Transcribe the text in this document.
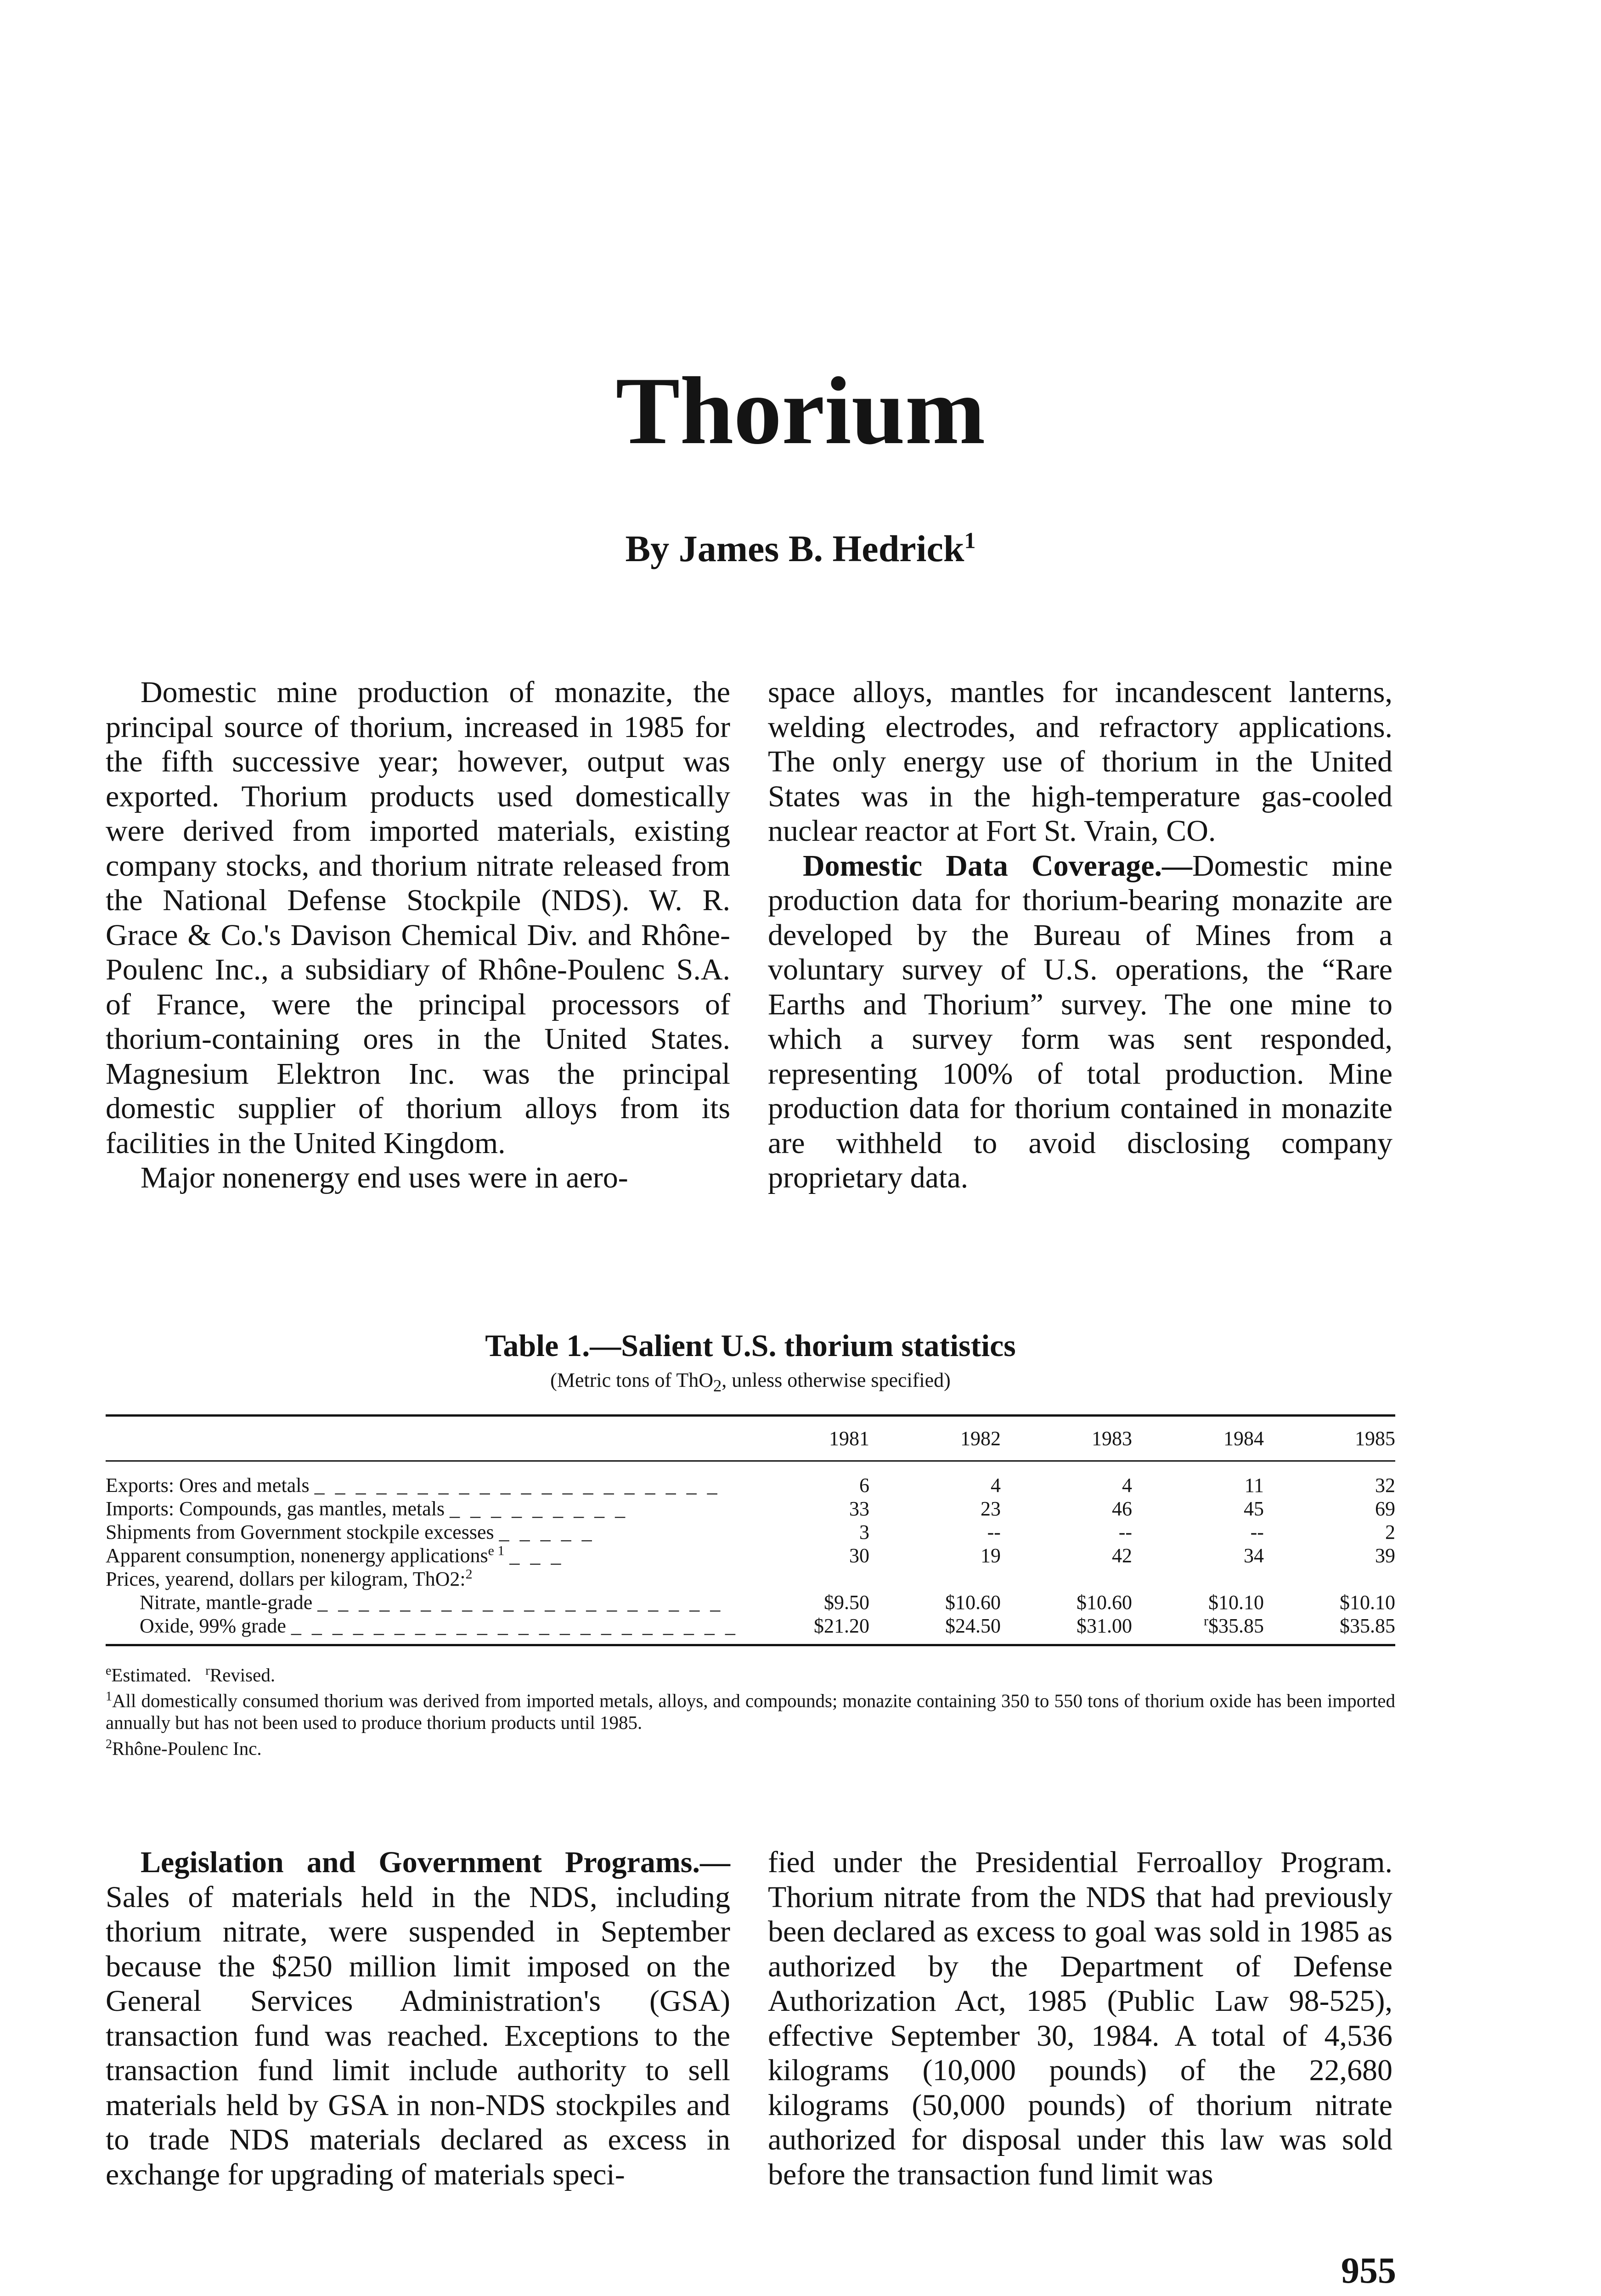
Thorium
By James B. Hedrick$^1$

Domestic mine production of monazite, the principal source of thorium, increased in 1985 for the fifth successive year; however, output was exported. Thorium products used domestically were derived from imported materials, existing company stocks, and thorium nitrate released from the National Defense Stockpile (NDS). W. R. Grace & Co.'s Davison Chemical Div. and Rhône-Poulenc Inc., a subsidiary of Rhône-Poulenc S.A. of France, were the principal processors of thorium-containing ores in the United States. Magnesium Elektron Inc. was the principal domestic supplier of thorium alloys from its facilities in the United Kingdom.

Major nonenergy end uses were in aero-

space alloys, mantles for incandescent lanterns, welding electrodes, and refractory applications. The only energy use of thorium in the United States was in the high-temperature gas-cooled nuclear reactor at Fort St. Vrain, CO.

Domestic Data Coverage.—Domestic mine production data for thorium-bearing monazite are developed by the Bureau of Mines from a voluntary survey of U.S. operations, the “Rare Earths and Thorium” survey. The one mine to which a survey form was sent responded, representing 100% of total production. Mine production data for thorium contained in monazite are withheld to avoid disclosing company proprietary data.

Table 1.—Salient U.S. thorium statistics
(Metric tons of ThO$_2$, unless otherwise specified)
	1981	1982	1983	1984	1985
Exports: Ores and metals _ _ _ _ _ _ _ _ _ _ _ _ _ _ _ _ _ _ _ _	6	4	4	11	32
Imports: Compounds, gas mantles, metals _ _ _ _ _ _ _ _ _	33	23	46	45	69
Shipments from Government stockpile excesses _ _ _ _ _	3	--	--	--	2
Apparent consumption, nonenergy applications$^{e 1}$ _ _ _	30	19	42	34	39
Prices, yearend, dollars per kilogram, ThO2:$^2$					
Nitrate, mantle-grade _ _ _ _ _ _ _ _ _ _ _ _ _ _ _ _ _ _ _ _	$9.50	$10.60	$10.60	$10.10	$10.10
Oxide, 99% grade _ _ _ _ _ _ _ _ _ _ _ _ _ _ _ _ _ _ _ _ _ _	$21.20	$24.50	$31.00	$^r$\$35.85	$35.85
$^e$Estimated. $^r$Revised.
$^1$All domestically consumed thorium was derived from imported metals, alloys, and compounds; monazite containing 350 to 550 tons of thorium oxide has been imported annually but has not been used to produce thorium products until 1985.
$^2$Rhône-Poulenc Inc.

Legislation and Government Programs.—Sales of materials held in the NDS, including thorium nitrate, were suspended in September because the $250 million limit imposed on the General Services Administration's (GSA) transaction fund was reached. Exceptions to the transaction fund limit include authority to sell materials held by GSA in non-NDS stockpiles and to trade NDS materials declared as excess in exchange for upgrading of materials speci-

fied under the Presidential Ferroalloy Program. Thorium nitrate from the NDS that had previously been declared as excess to goal was sold in 1985 as authorized by the Department of Defense Authorization Act, 1985 (Public Law 98-525), effective September 30, 1984. A total of 4,536 kilograms (10,000 pounds) of the 22,680 kilograms (50,000 pounds) of thorium nitrate authorized for disposal under this law was sold before the transaction fund limit was

955
